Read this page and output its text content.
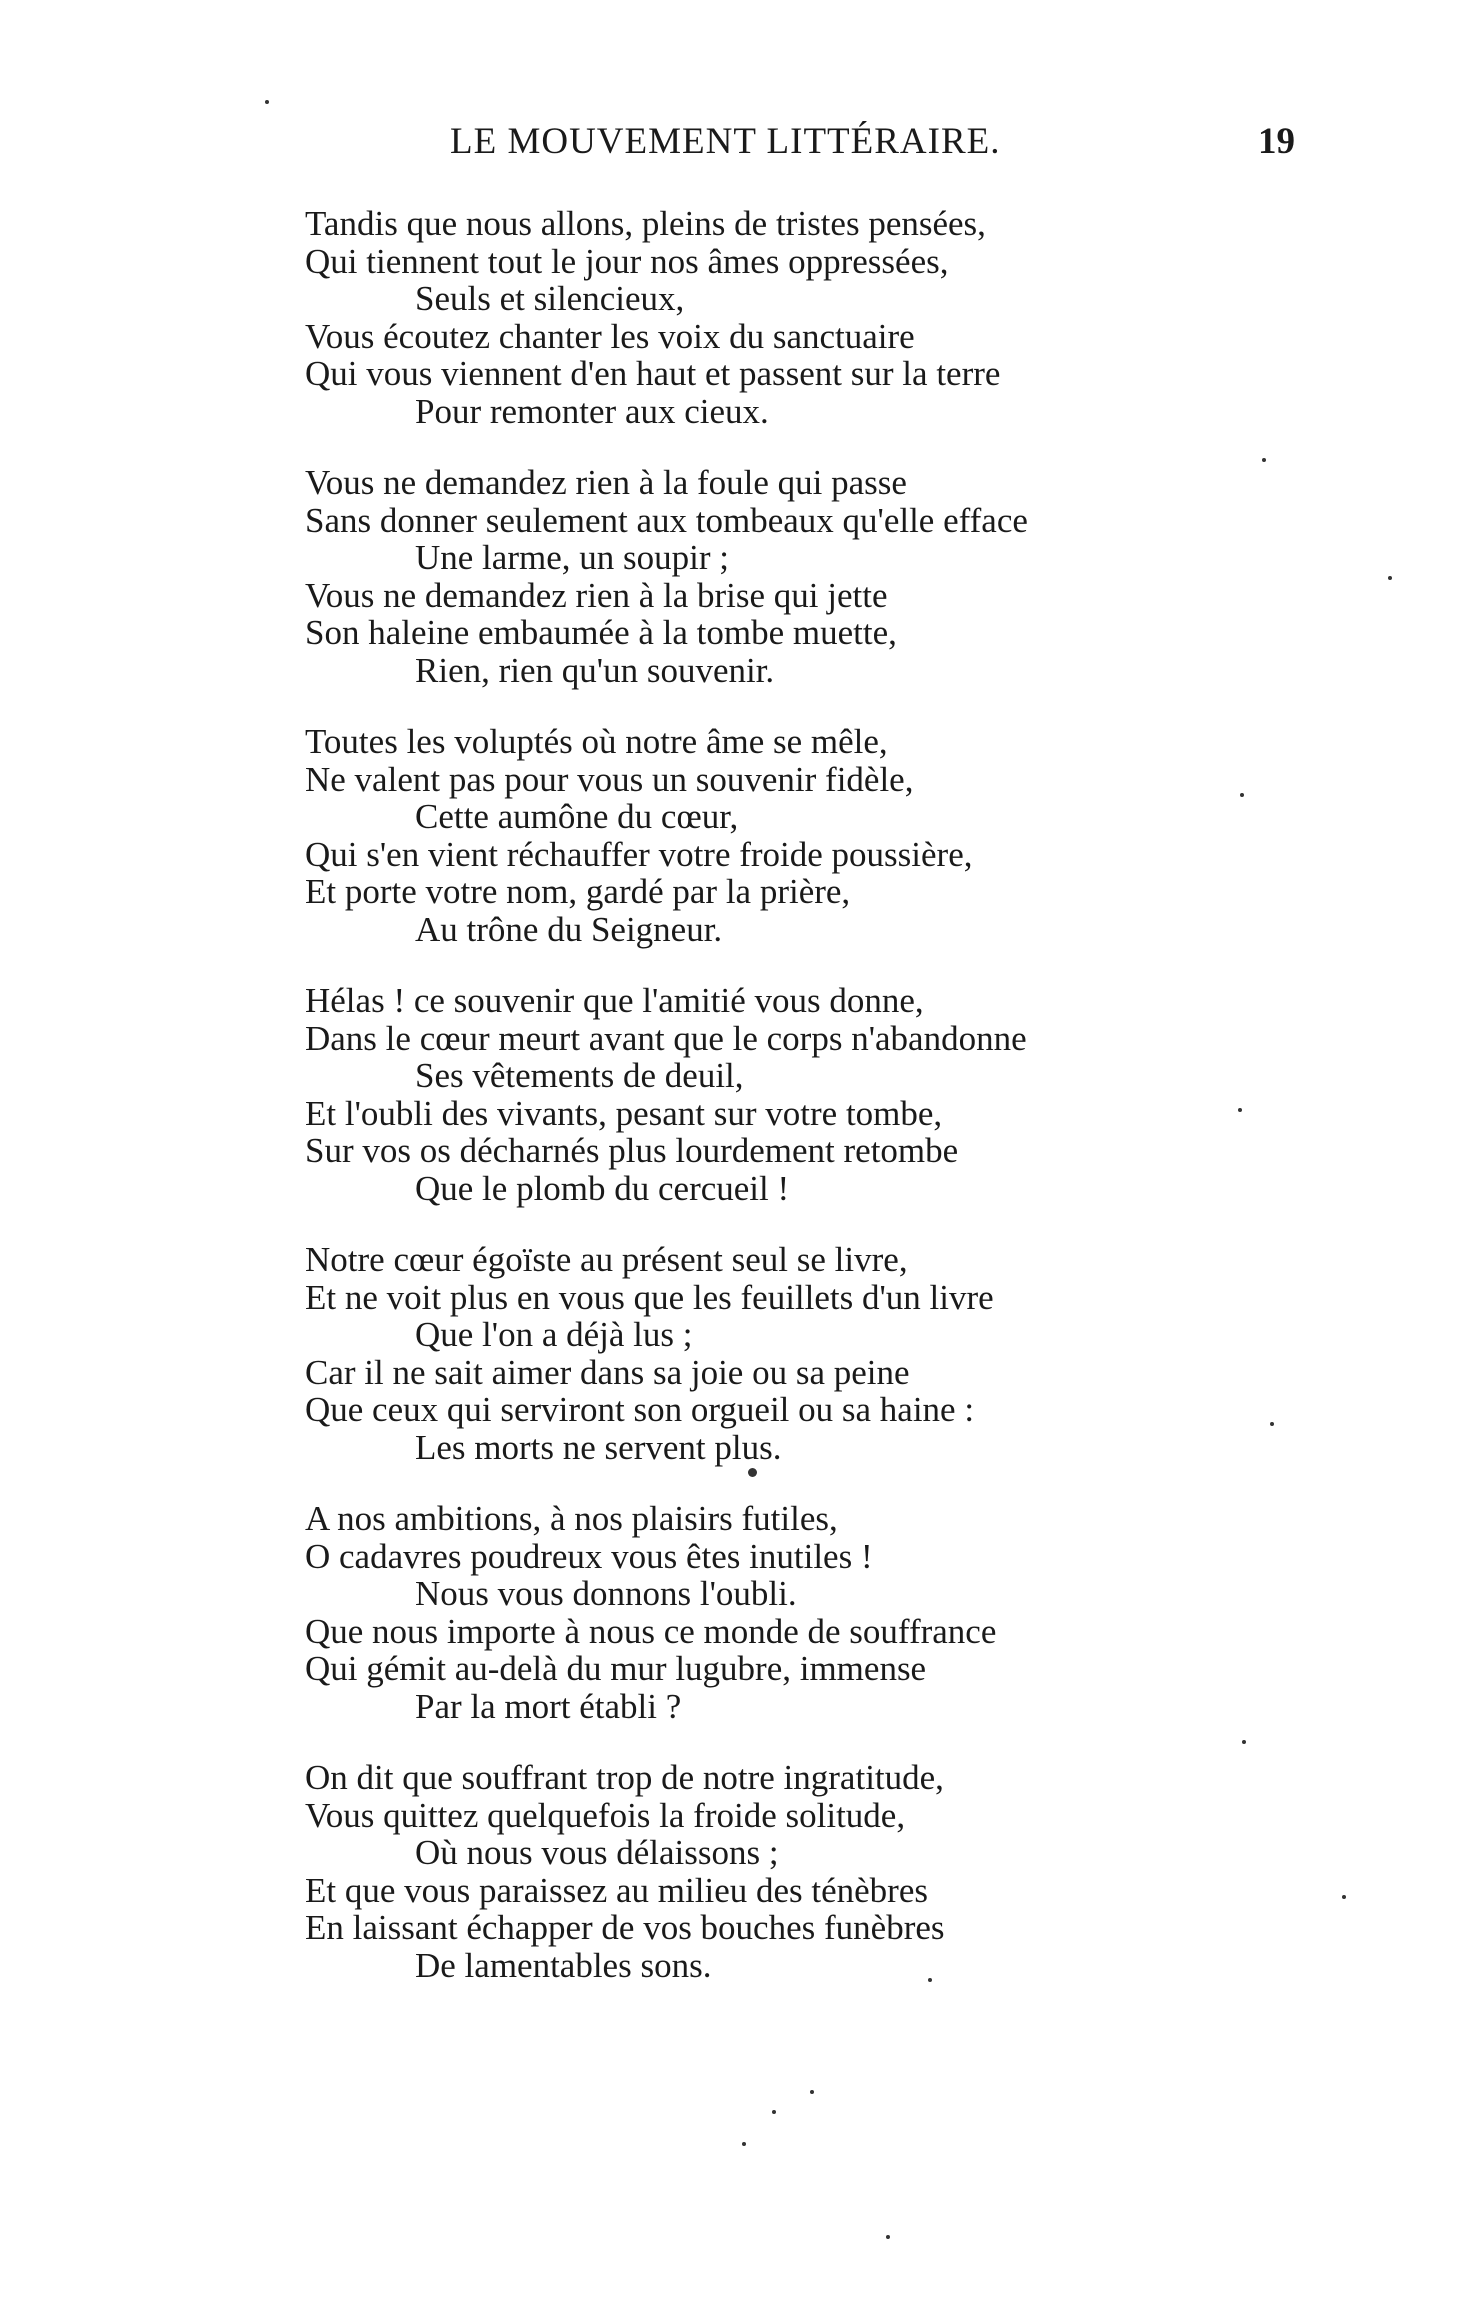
LE MOUVEMENT LITTÉRAIRE.	19
Tandis que nous allons, pleins de tristes pensées,
Qui tiennent tout le jour nos âmes oppressées,
Seuls et silencieux,
Vous écoutez chanter les voix du sanctuaire
Qui vous viennent d'en haut et passent sur la terre
Pour remonter aux cieux.
Vous ne demandez rien à la foule qui passe
Sans donner seulement aux tombeaux qu'elle efface
Une larme, un soupir ;
Vous ne demandez rien à la brise qui jette
Son haleine embaumée à la tombe muette,
Rien, rien qu'un souvenir.
Toutes les voluptés où notre âme se mêle,
Ne valent pas pour vous un souvenir fidèle,
Cette aumône du cœur,
Qui s'en vient réchauffer votre froide poussière,
Et porte votre nom, gardé par la prière,
Au trône du Seigneur.
Hélas ! ce souvenir que l'amitié vous donne,
Dans le cœur meurt avant que le corps n'abandonne
Ses vêtements de deuil,
Et l'oubli des vivants, pesant sur votre tombe,
Sur vos os décharnés plus lourdement retombe
Que le plomb du cercueil !
Notre cœur égoïste au présent seul se livre,
Et ne voit plus en vous que les feuillets d'un livre
Que l'on a déjà lus ;
Car il ne sait aimer dans sa joie ou sa peine
Que ceux qui serviront son orgueil ou sa haine :
Les morts ne servent plus.
A nos ambitions, à nos plaisirs futiles,
O cadavres poudreux vous êtes inutiles !
Nous vous donnons l'oubli.
Que nous importe à nous ce monde de souffrance
Qui gémit au-delà du mur lugubre, immense
Par la mort établi ?
On dit que souffrant trop de notre ingratitude,
Vous quittez quelquefois la froide solitude,
Où nous vous délaissons ;
Et que vous paraissez au milieu des ténèbres
En laissant échapper de vos bouches funèbres
De lamentables sons.
